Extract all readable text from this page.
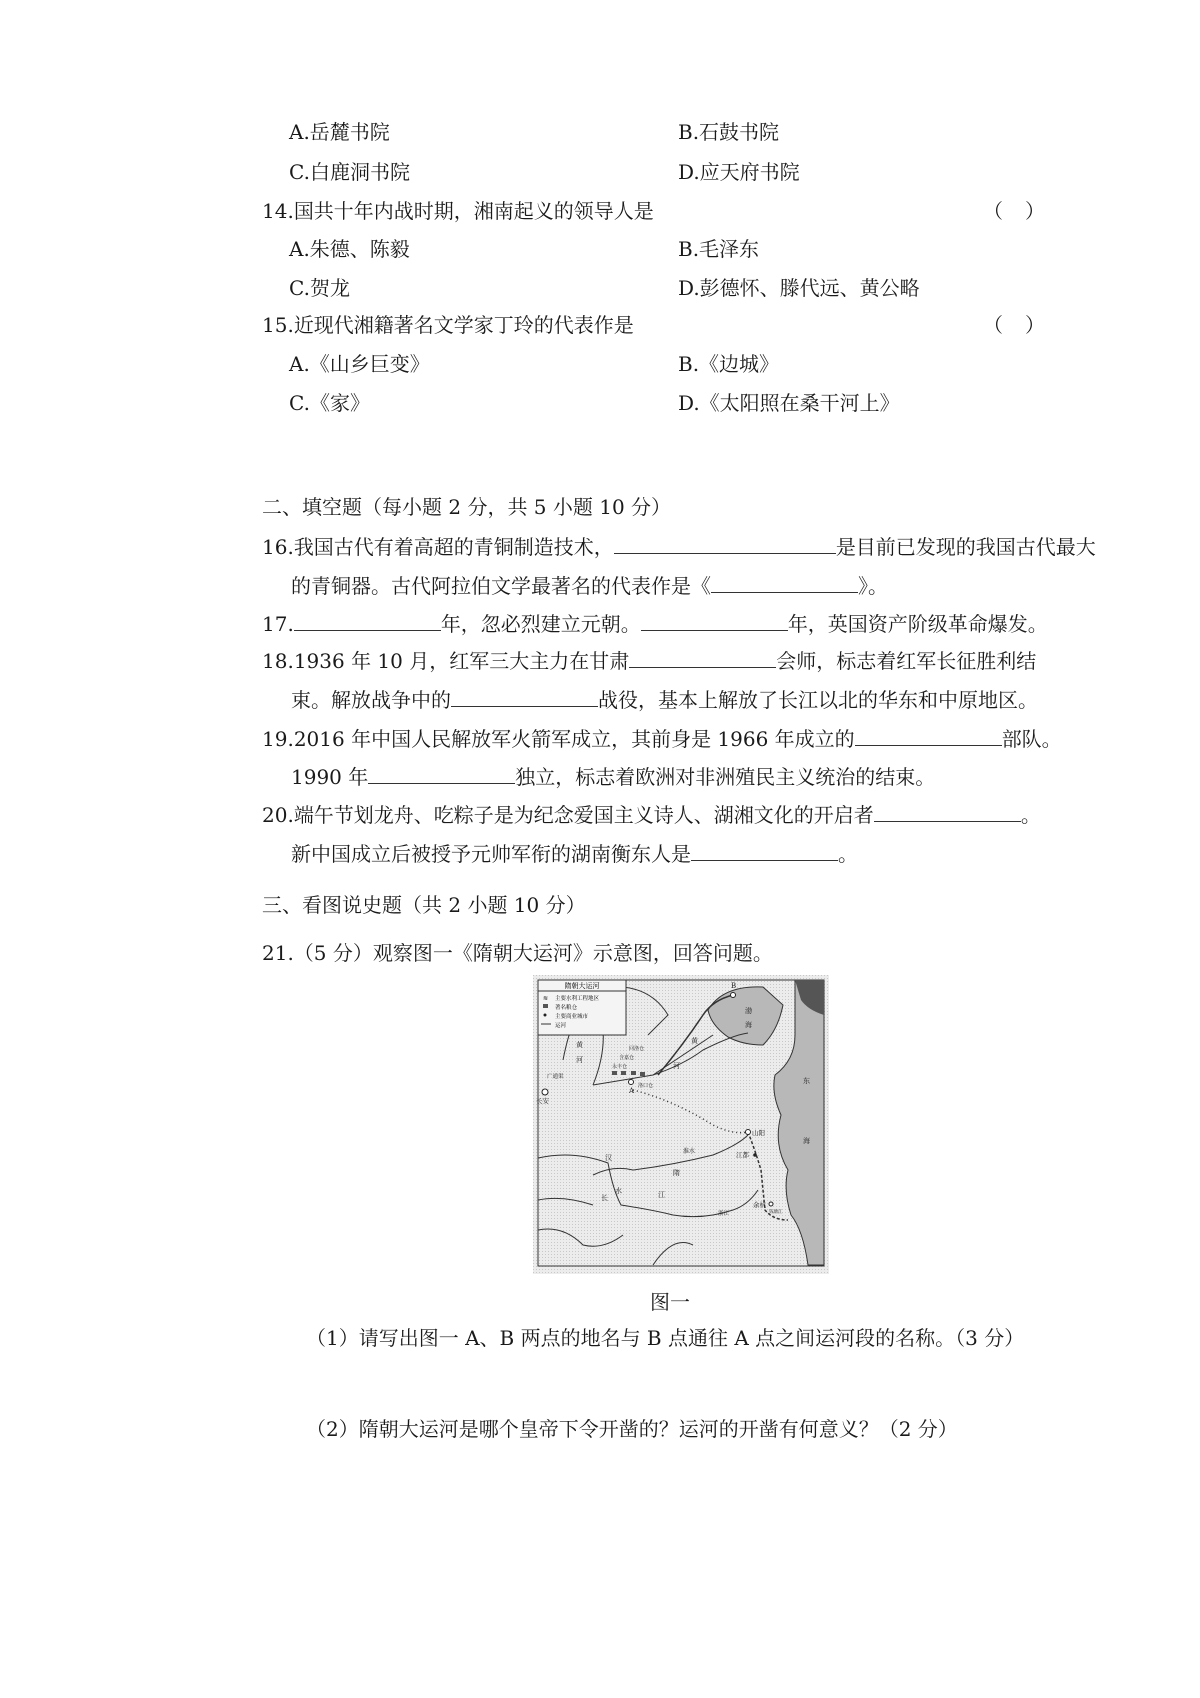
A.岳麓书院	B.石鼓书院
C.白鹿洞书院	D.应天府书院
14.国共十年内战时期，湘南起义的领导人是	（ ）
A.朱德、陈毅	B.毛泽东
C.贺龙	D.彭德怀、滕代远、黄公略
15.近现代湘籍著名文学家丁玲的代表作是	（ ）
A.《山乡巨变》	B.《边城》
C.《家》	D.《太阳照在桑干河上》
二、填空题（每小题 2 分，共 5 小题 10 分）
16.我国古代有着高超的青铜制造技术，	是目前已发现的我国古代最大
的青铜器。古代阿拉伯文学最著名的代表作是《	》。
17.	年，忽必烈建立元朝。	年，英国资产阶级革命爆发。
18.1936 年 10 月，红军三大主力在甘肃	会师，标志着红军长征胜利结
束。解放战争中的	战役，基本上解放了长江以北的华东和中原地区。
19.2016 年中国人民解放军火箭军成立，其前身是 1966 年成立的	部队。
1990 年	独立，标志着欧洲对非洲殖民主义统治的结束。
20.端午节划龙舟、吃粽子是为纪念爱国主义诗人、湖湘文化的开启者	。
新中国成立后被授予元帅军衔的湖南衡东人是	。
三、看图说史题（共 2 小题 10 分）
21.（5 分）观察图一《隋朝大运河》示意图，回答问题。
隋朝大运河
≋ 主要水利工程地区
著名粮仓
主要商业城市
运河
B
A
渤
海
东
海
黄
河
黄
河
长安
广通渠
永丰仓
含嘉仓
回洛仓
洛口仓
山阳
江都
淮水
汉
长	江
水
隋
余杭
浙江	钱塘江
图一
（1）请写出图一 A、B 两点的地名与 B 点通往 A 点之间运河段的名称。（3 分）
（2）隋朝大运河是哪个皇帝下令开凿的？运河的开凿有何意义？（2 分）
